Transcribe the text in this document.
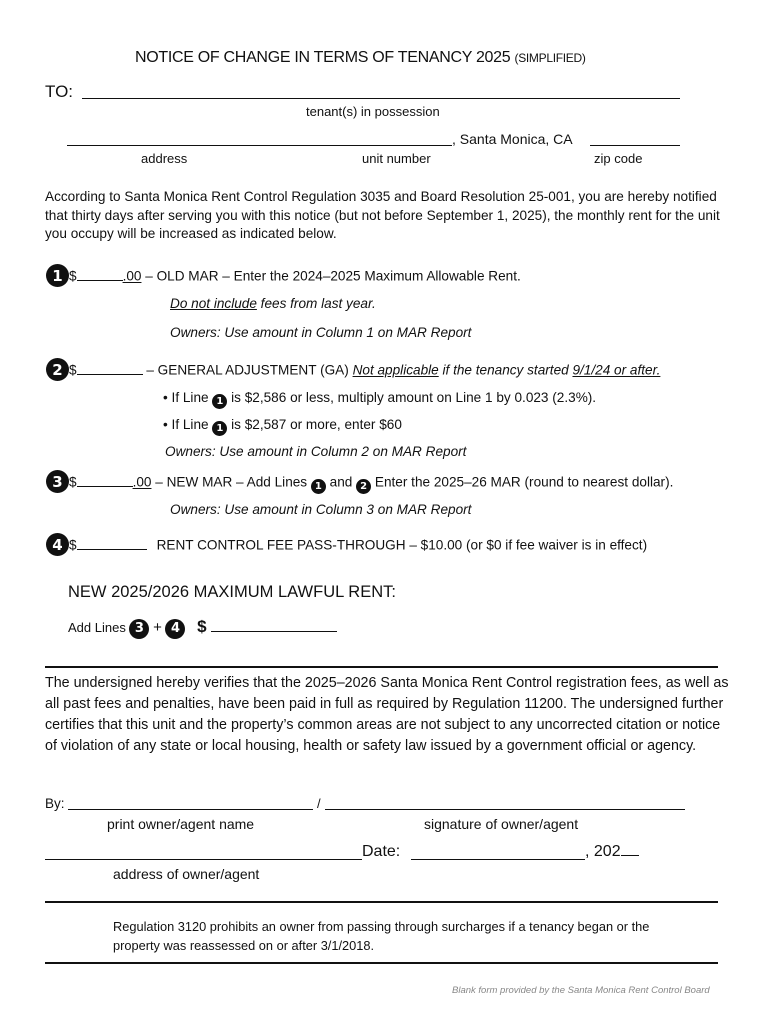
NOTICE OF CHANGE IN TERMS OF TENANCY 2025 (SIMPLIFIED)
TO:
tenant(s) in possession
, Santa Monica, CA
address	unit number	zip code
According to Santa Monica Rent Control Regulation 3035 and Board Resolution 25-001, you are hereby notified that thirty days after serving you with this notice (but not before September 1, 2025), the monthly rent for the unit you occupy will be increased as indicated below.
1 $	.00 – OLD MAR – Enter the 2024–2025 Maximum Allowable Rent.
Do not include fees from last year.
Owners: Use amount in Column 1 on MAR Report
2 $	– GENERAL ADJUSTMENT (GA) Not applicable if the tenancy started 9/1/24 or after.
• If Line 1 is $2,586 or less, multiply amount on Line 1 by 0.023 (2.3%).
• If Line 1 is $2,587 or more, enter $60
Owners: Use amount in Column 2 on MAR Report
3 $	.00 – NEW MAR – Add Lines 1 and 2 Enter the 2025–26 MAR (round to nearest dollar).
Owners: Use amount in Column 3 on MAR Report
4 $	RENT CONTROL FEE PASS-THROUGH – $10.00 (or $0 if fee waiver is in effect)
NEW 2025/2026 MAXIMUM LAWFUL RENT:
Add Lines 3 + 4 $
The undersigned hereby verifies that the 2025–2026 Santa Monica Rent Control registration fees, as well as all past fees and penalties, have been paid in full as required by Regulation 11200. The undersigned further certifies that this unit and the property’s common areas are not subject to any uncorrected citation or notice of violation of any state or local housing, health or safety law issued by a government official or agency.
By:	/
print owner/agent name	signature of owner/agent
Date:	, 202
address of owner/agent
Regulation 3120 prohibits an owner from passing through surcharges if a tenancy began or the property was reassessed on or after 3/1/2018.
Blank form provided by the Santa Monica Rent Control Board
